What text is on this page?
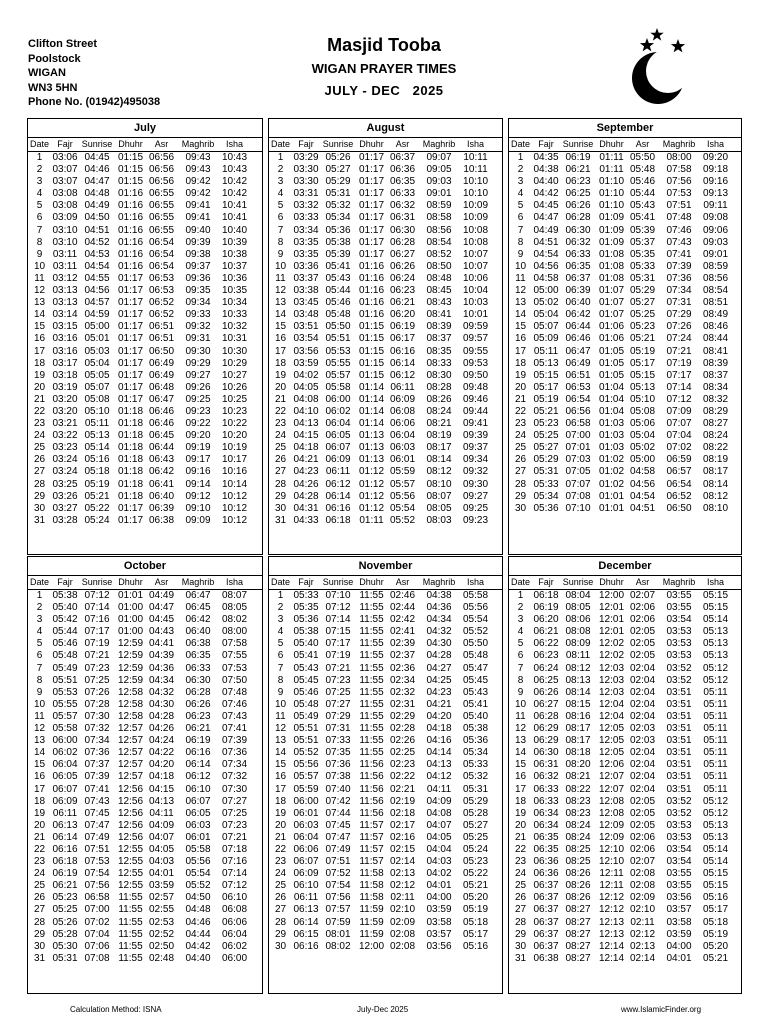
Clifton Street
Poolstock
WIGAN
WN3 5HN
Phone No. (01942)495038
Masjid Tooba
WIGAN PRAYER TIMES
JULY - DEC   2025
July
Date Fajr Sunrise Dhuhr	Asr	Maghrib	Isha
1	03:06 04:45 01:15 06:56	09:43	10:43
2	03:07 04:46 01:15 06:56	09:43	10:43
3	03:07 04:47 01:15 06:56	09:42	10:42
4	03:08 04:48 01:16 06:55	09:42	10:42
5	03:08 04:49 01:16 06:55	09:41	10:41
6	03:09 04:50 01:16 06:55	09:41	10:41
7	03:10 04:51 01:16 06:55	09:40	10:40
8	03:10 04:52 01:16 06:54	09:39	10:39
9	03:11 04:53 01:16 06:54	09:38	10:38
10 03:11 04:54 01:16 06:54	09:37	10:37
11 03:12 04:55 01:17 06:53	09:36	10:36
12 03:13 04:56 01:17 06:53	09:35	10:35
13 03:13 04:57 01:17 06:52	09:34	10:34
14 03:14 04:59 01:17 06:52	09:33	10:33
15 03:15 05:00 01:17 06:51	09:32	10:32
16 03:16 05:01 01:17 06:51	09:31	10:31
17 03:16 05:03 01:17 06:50	09:30	10:30
18 03:17 05:04 01:17 06:49	09:29	10:29
19 03:18 05:05 01:17 06:49	09:27	10:27
20 03:19 05:07 01:17 06:48	09:26	10:26
21 03:20 05:08 01:17 06:47	09:25	10:25
22 03:20 05:10 01:18 06:46	09:23	10:23
23 03:21 05:11 01:18 06:46	09:22	10:22
24 03:22 05:13 01:18 06:45	09:20	10:20
25 03:23 05:14 01:18 06:44	09:19	10:19
26 03:24 05:16 01:18 06:43	09:17	10:17
27 03:24 05:18 01:18 06:42	09:16	10:16
28 03:25 05:19 01:18 06:41	09:14	10:14
29 03:26 05:21 01:18 06:40	09:12	10:12
30 03:27 05:22 01:17 06:39	09:10	10:12
31 03:28 05:24 01:17 06:38	09:09	10:12
August
Date Fajr Sunrise Dhuhr	Asr	Maghrib	Isha
1	03:29 05:26 01:17 06:37	09:07	10:11
2	03:30 05:27 01:17 06:36	09:05	10:11
3	03:30 05:29 01:17 06:35	09:03	10:10
4	03:31 05:31 01:17 06:33	09:01	10:10
5	03:32 05:32 01:17 06:32	08:59	10:09
6	03:33 05:34 01:17 06:31	08:58	10:09
7	03:34 05:36 01:17 06:30	08:56	10:08
8	03:35 05:38 01:17 06:28	08:54	10:08
9	03:35 05:39 01:17 06:27	08:52	10:07
10 03:36 05:41 01:16 06:26	08:50	10:07
11 03:37 05:43 01:16 06:24	08:48	10:06
12 03:38 05:44 01:16 06:23	08:45	10:04
13 03:45 05:46 01:16 06:21	08:43	10:03
14 03:48 05:48 01:16 06:20	08:41	10:01
15 03:51 05:50 01:15 06:19	08:39	09:59
16 03:54 05:51 01:15 06:17	08:37	09:57
17 03:56 05:53 01:15 06:16	08:35	09:55
18 03:59 05:55 01:15 06:14	08:33	09:53
19 04:02 05:57 01:15 06:12	08:30	09:50
20 04:05 05:58 01:14 06:11	08:28	09:48
21 04:08 06:00 01:14 06:09	08:26	09:46
22 04:10 06:02 01:14 06:08	08:24	09:44
23 04:13 06:04 01:14 06:06	08:21	09:41
24 04:15 06:05 01:13 06:04	08:19	09:39
25 04:18 06:07 01:13 06:03	08:17	09:37
26 04:21 06:09 01:13 06:01	08:14	09:34
27 04:23 06:11 01:12 05:59	08:12	09:32
28 04:26 06:12 01:12 05:57	08:10	09:30
29 04:28 06:14 01:12 05:56	08:07	09:27
30 04:31 06:16 01:12 05:54	08:05	09:25
31 04:33 06:18 01:11 05:52	08:03	09:23
September
Date Fajr Sunrise Dhuhr	Asr	Maghrib	Isha
1	04:35 06:19 01:11 05:50	08:00	09:20
2	04:38 06:21 01:11 05:48	07:58	09:18
3	04:40 06:23 01:10 05:46	07:56	09:16
4	04:42 06:25 01:10 05:44	07:53	09:13
5	04:45 06:26 01:10 05:43	07:51	09:11
6	04:47 06:28 01:09 05:41	07:48	09:08
7	04:49 06:30 01:09 05:39	07:46	09:06
8	04:51 06:32 01:09 05:37	07:43	09:03
9	04:54 06:33 01:08 05:35	07:41	09:01
10 04:56 06:35 01:08 05:33	07:39	08:59
11 04:58 06:37 01:08 05:31	07:36	08:56
12 05:00 06:39 01:07 05:29	07:34	08:54
13 05:02 06:40 01:07 05:27	07:31	08:51
14 05:04 06:42 01:07 05:25	07:29	08:49
15 05:07 06:44 01:06 05:23	07:26	08:46
16 05:09 06:46 01:06 05:21	07:24	08:44
17 05:11 06:47 01:05 05:19	07:21	08:41
18 05:13 06:49 01:05 05:17	07:19	08:39
19 05:15 06:51 01:05 05:15	07:17	08:37
20 05:17 06:53 01:04 05:13	07:14	08:34
21 05:19 06:54 01:04 05:10	07:12	08:32
22 05:21 06:56 01:04 05:08	07:09	08:29
23 05:23 06:58 01:03 05:06	07:07	08:27
24 05:25 07:00 01:03 05:04	07:04	08:24
25 05:27 07:01 01:03 05:02	07:02	08:22
26 05:29 07:03 01:02 05:00	06:59	08:19
27 05:31 07:05 01:02 04:58	06:57	08:17
28 05:33 07:07 01:02 04:56	06:54	08:14
29 05:34 07:08 01:01 04:54	06:52	08:12
30 05:36 07:10 01:01 04:51	06:50	08:10
October
Date Fajr Sunrise Dhuhr	Asr	Maghrib	Isha
1	05:38 07:12 01:01 04:49	06:47	08:07
2	05:40 07:14 01:00 04:47	06:45	08:05
3	05:42 07:16 01:00 04:45	06:42	08:02
4	05:44 07:17 01:00 04:43	06:40	08:00
5	05:46 07:19 12:59 04:41	06:38	07:58
6	05:48 07:21 12:59 04:39	06:35	07:55
7	05:49 07:23 12:59 04:36	06:33	07:53
8	05:51 07:25 12:59 04:34	06:30	07:50
9	05:53 07:26 12:58 04:32	06:28	07:48
10 05:55 07:28 12:58 04:30	06:26	07:46
11 05:57 07:30 12:58 04:28	06:23	07:43
12 05:58 07:32 12:57 04:26	06:21	07:41
13 06:00 07:34 12:57 04:24	06:19	07:39
14 06:02 07:36 12:57 04:22	06:16	07:36
15 06:04 07:37 12:57 04:20	06:14	07:34
16 06:05 07:39 12:57 04:18	06:12	07:32
17 06:07 07:41 12:56 04:15	06:10	07:30
18 06:09 07:43 12:56 04:13	06:07	07:27
19 06:11 07:45 12:56 04:11	06:05	07:25
20 06:13 07:47 12:56 04:09	06:03	07:23
21 06:14 07:49 12:56 04:07	06:01	07:21
22 06:16 07:51 12:55 04:05	05:58	07:18
23 06:18 07:53 12:55 04:03	05:56	07:16
24 06:19 07:54 12:55 04:01	05:54	07:14
25 06:21 07:56 12:55 03:59	05:52	07:12
26 05:23 06:58 11:55 02:57	04:50	06:10
27 05:25 07:00 11:55 02:55	04:48	06:08
28 05:26 07:02 11:55 02:53	04:46	06:06
29 05:28 07:04 11:55 02:52	04:44	06:04
30 05:30 07:06 11:55 02:50	04:42	06:02
31 05:31 07:08 11:55 02:48	04:40	06:00
November
Date Fajr Sunrise Dhuhr	Asr	Maghrib	Isha
1	05:33 07:10 11:55 02:46	04:38	05:58
2	05:35 07:12 11:55 02:44	04:36	05:56
3	05:36 07:14 11:55 02:42	04:34	05:54
4	05:38 07:15 11:55 02:41	04:32	05:52
5	05:40 07:17 11:55 02:39	04:30	05:50
6	05:41 07:19 11:55 02:37	04:28	05:48
7	05:43 07:21 11:55 02:36	04:27	05:47
8	05:45 07:23 11:55 02:34	04:25	05:45
9	05:46 07:25 11:55 02:32	04:23	05:43
10 05:48 07:27 11:55 02:31	04:21	05:41
11 05:49 07:29 11:55 02:29	04:20	05:40
12 05:51 07:31 11:55 02:28	04:18	05:38
13 05:51 07:33 11:55 02:26	04:16	05:36
14 05:52 07:35 11:55 02:25	04:14	05:34
15 05:56 07:36 11:56 02:23	04:13	05:33
16 05:57 07:38 11:56 02:22	04:12	05:32
17 05:59 07:40 11:56 02:21	04:11	05:31
18 06:00 07:42 11:56 02:19	04:09	05:29
19 06:01 07:44 11:56 02:18	04:08	05:28
20 06:03 07:45 11:57 02:17	04:07	05:27
21 06:04 07:47 11:57 02:16	04:05	05:25
22 06:06 07:49 11:57 02:15	04:04	05:24
23 06:07 07:51 11:57 02:14	04:03	05:23
24 06:09 07:52 11:58 02:13	04:02	05:22
25 06:10 07:54 11:58 02:12	04:01	05:21
26 06:11 07:56 11:58 02:11	04:00	05:20
27 06:13 07:57 11:59 02:10	03:59	05:19
28 06:14 07:59 11:59 02:09	03:58	05:18
29 06:15 08:01 11:59 02:08	03:57	05:17
30 06:16 08:02 12:00 02:08	03:56	05:16
December
Date Fajr Sunrise Dhuhr	Asr	Maghrib	Isha
1	06:18 08:04 12:00 02:07	03:55	05:15
2	06:19 08:05 12:01 02:06	03:55	05:15
3	06:20 08:06 12:01 02:06	03:54	05:14
4	06:21 08:08 12:01 02:05	03:53	05:13
5	06:22 08:09 12:02 02:05	03:53	05:13
6	06:23 08:11 12:02 02:05	03:53	05:13
7	06:24 08:12 12:03 02:04	03:52	05:12
8	06:25 08:13 12:03 02:04	03:52	05:12
9	06:26 08:14 12:03 02:04	03:51	05:11
10 06:27 08:15 12:04 02:04	03:51	05:11
11 06:28 08:16 12:04 02:04	03:51	05:11
12 06:29 08:17 12:05 02:03	03:51	05:11
13 06:29 08:17 12:05 02:03	03:51	05:11
14 06:30 08:18 12:05 02:04	03:51	05:11
15 06:31 08:20 12:06 02:04	03:51	05:11
16 06:32 08:21 12:07 02:04	03:51	05:11
17 06:33 08:22 12:07 02:04	03:51	05:11
18 06:33 08:23 12:08 02:05	03:52	05:12
19 06:34 08:23 12:08 02:05	03:52	05:12
20 06:34 08:24 12:09 02:05	03:53	05:13
21 06:35 08:24 12:09 02:06	03:53	05:13
22 06:35 08:25 12:10 02:06	03:54	05:14
23 06:36 08:25 12:10 02:07	03:54	05:14
24 06:36 08:26 12:11 02:08	03:55	05:15
25 06:37 08:26 12:11 02:08	03:55	05:15
26 06:37 08:26 12:12 02:09	03:56	05:16
27 06:37 08:27 12:12 02:10	03:57	05:17
28 06:37 08:27 12:13 02:11	03:58	05:18
29 06:37 08:27 12:13 02:12	03:59	05:19
30 06:37 08:27 12:14 02:13	04:00	05:20
31 06:38 08:27 12:14 02:14	04:01	05:21
Calculation Method: ISNA	July-Dec 2025	www.IslamicFinder.org
